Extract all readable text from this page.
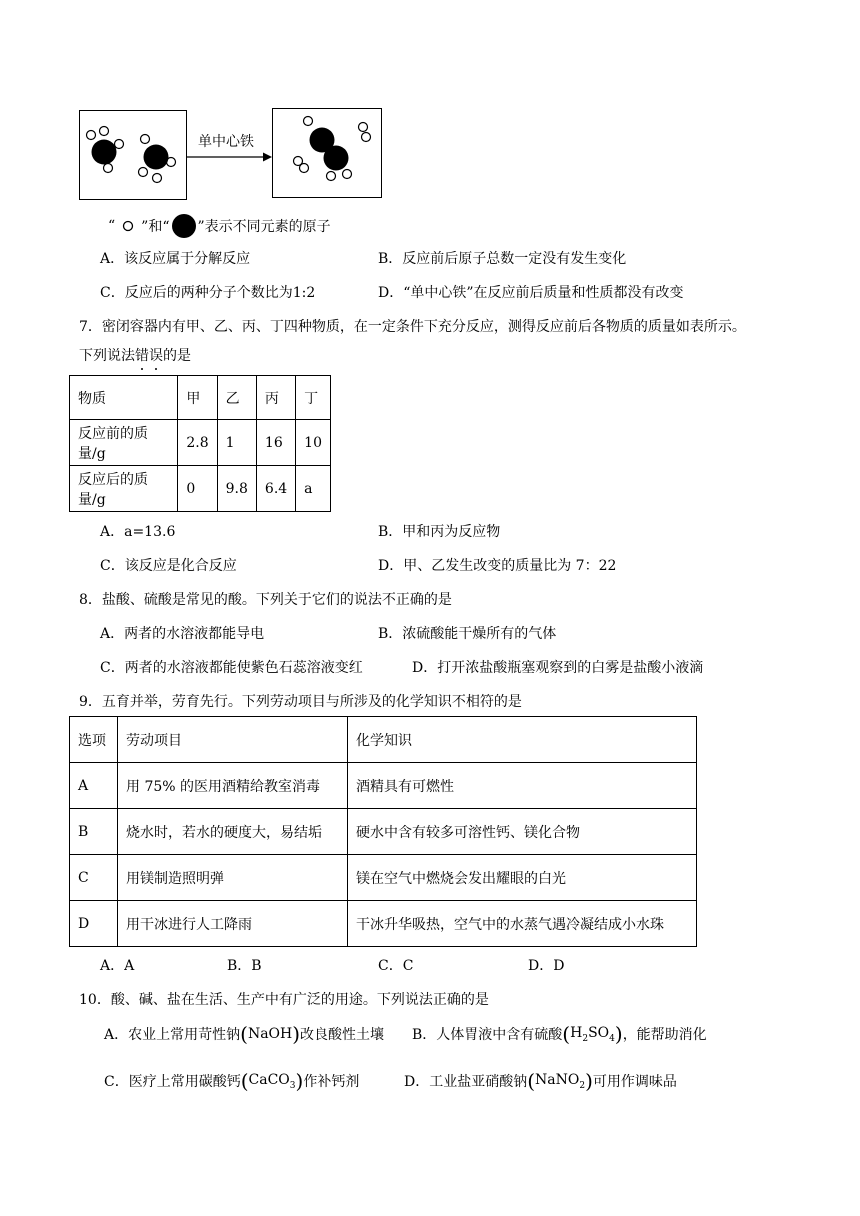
单中心铁
“ ”和“ ”表示不同元素的原子
A．该反应属于分解反应	B．反应前后原子总数一定没有发生变化
C．反应后的两种分子个数比为1:2	D．“单中心铁”在反应前后质量和性质都没有改变
7．密闭容器内有甲、乙、丙、丁四种物质，在一定条件下充分反应，测得反应前后各物质的质量如表所示。
下列说法错
误
的是
物质	甲	乙	丙	丁
反应前的质量/g	2.8	1	16	10
反应后的质量/g	0	9.8	6.4	a
A．a=13.6	B．甲和丙为反应物
C．该反应是化合反应	D．甲、乙发生改变的质量比为 7：22
8．盐酸、硫酸是常见的酸。下列关于它们的说法不正确的是
A．两者的水溶液都能导电	B．浓硫酸能干燥所有的气体
C．两者的水溶液都能使紫色石蕊溶液变红	D．打开浓盐酸瓶塞观察到的白雾是盐酸小液滴
9．五育并举，劳育先行。下列劳动项目与所涉及的化学知识不相符的是
选项	劳动项目	化学知识
A	用 75% 的医用酒精给教室消毒	酒精具有可燃性
B	烧水时，若水的硬度大，易结垢	硬水中含有较多可溶性钙、镁化合物
C	用镁制造照明弹	镁在空气中燃烧会发出耀眼的白光
D	用干冰进行人工降雨	干冰升华吸热，空气中的水蒸气遇冷凝结成小水珠
A．A	B．B	C．C	D．D
10．酸、碱、盐在生活、生产中有广泛的用途。下列说法正确的是
A．农业上常用苛性钠 ( NaOH ) 改良酸性土壤 B．人体胃液中含有硫酸 ( $H_2SO_4$ ) ，能帮助消化
C．医疗上常用碳酸钙 ( CaCO$_3$ ) 作补钙剂	D．工业盐亚硝酸钠 ( NaNO$_2$ ) 可用作调味品
